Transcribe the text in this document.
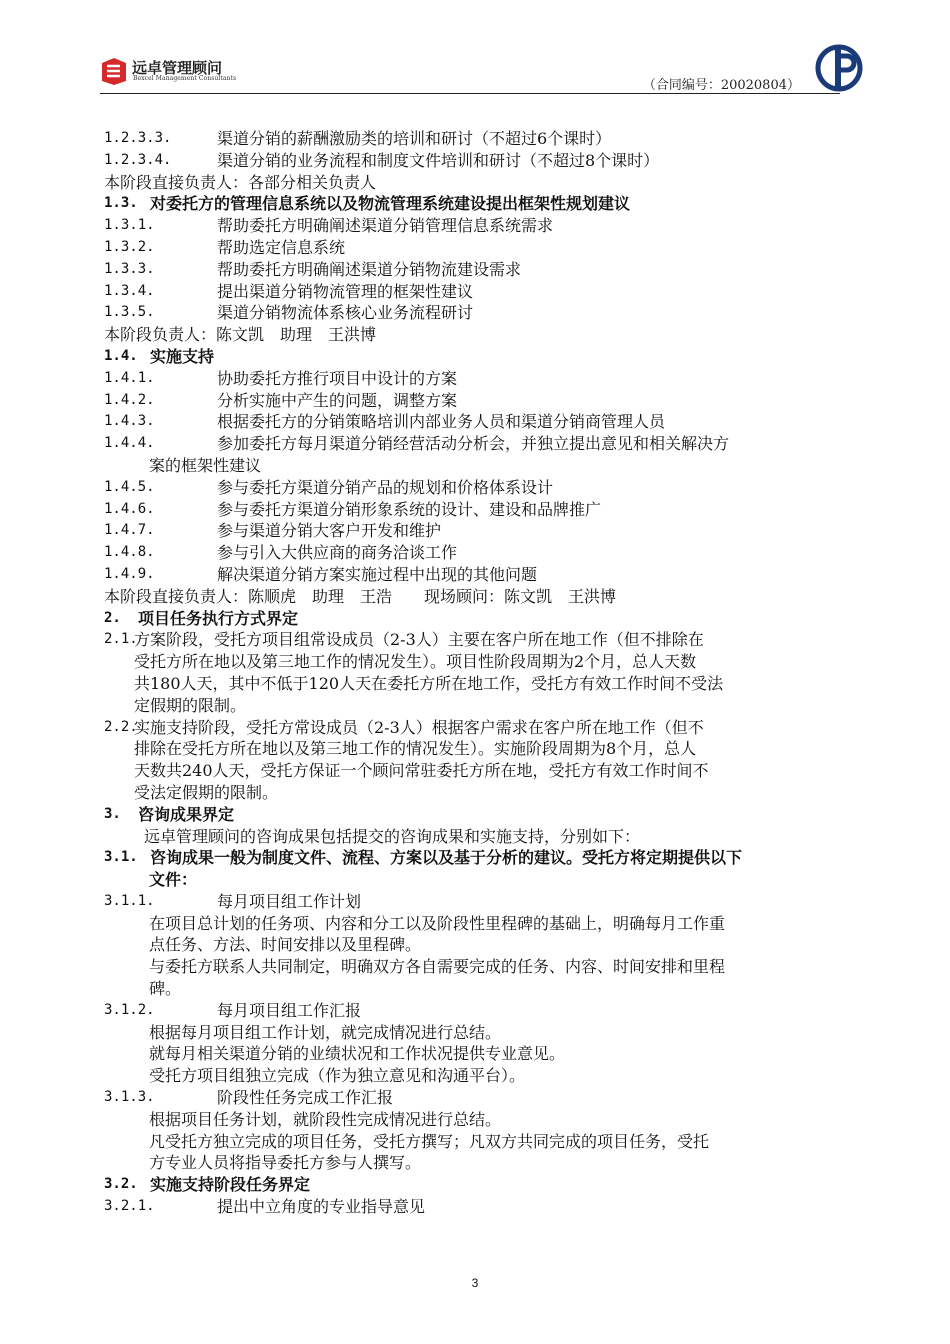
远卓管理顾问
Bexcel Management Consultants	（合同编号：20020804）
1.2.3.3.	渠道分销的薪酬激励类的培训和研讨（不超过6个课时）
1.2.3.4.	渠道分销的业务流程和制度文件培训和研讨（不超过8个课时）
本阶段直接负责人：各部分相关负责人
1.3. 对委托方的管理信息系统以及物流管理系统建设提出框架性规划建议
1.3.1.	帮助委托方明确阐述渠道分销管理信息系统需求
1.3.2.	帮助选定信息系统
1.3.3.	帮助委托方明确阐述渠道分销物流建设需求
1.3.4.	提出渠道分销物流管理的框架性建议
1.3.5.	渠道分销物流体系核心业务流程研讨
本阶段负责人：陈文凯　助理　王洪博
1.4. 实施支持
1.4.1.	协助委托方推行项目中设计的方案
1.4.2.	分析实施中产生的问题，调整方案
1.4.3.	根据委托方的分销策略培训内部业务人员和渠道分销商管理人员
1.4.4.	参加委托方每月渠道分销经营活动分析会，并独立提出意见和相关解决方
案的框架性建议
1.4.5.	参与委托方渠道分销产品的规划和价格体系设计
1.4.6.	参与委托方渠道分销形象系统的设计、建设和品牌推广
1.4.7.	参与渠道分销大客户开发和维护
1.4.8.	参与引入大供应商的商务洽谈工作
1.4.9.	解决渠道分销方案实施过程中出现的其他问题
本阶段直接负责人：陈顺虎　助理　王浩　　现场顾问：陈文凯　王洪博
2. 项目任务执行方式界定
2.1.
方案阶段，受托方项目组常设成员（2-3人）主要在客户所在地工作（但不排除在
受托方所在地以及第三地工作的情况发生）。项目性阶段周期为2个月，总人天数
共180人天，其中不低于120人天在委托方所在地工作，受托方有效工作时间不受法
定假期的限制。
2.2.
实施支持阶段，受托方常设成员（2-3人）根据客户需求在客户所在地工作（但不
排除在受托方所在地以及第三地工作的情况发生）。实施阶段周期为8个月，总人
天数共240人天，受托方保证一个顾问常驻委托方所在地，受托方有效工作时间不
受法定假期的限制。
3. 咨询成果界定
远卓管理顾问的咨询成果包括提交的咨询成果和实施支持，分别如下：
3.1. 咨询成果一般为制度文件、流程、方案以及基于分析的建议。受托方将定期提供以下
文件：
3.1.1.	每月项目组工作计划
在项目总计划的任务项、内容和分工以及阶段性里程碑的基础上，明确每月工作重
点任务、方法、时间安排以及里程碑。
与委托方联系人共同制定，明确双方各自需要完成的任务、内容、时间安排和里程
碑。
3.1.2.	每月项目组工作汇报
根据每月项目组工作计划，就完成情况进行总结。
就每月相关渠道分销的业绩状况和工作状况提供专业意见。
受托方项目组独立完成（作为独立意见和沟通平台）。
3.1.3.	阶段性任务完成工作汇报
根据项目任务计划，就阶段性完成情况进行总结。
凡受托方独立完成的项目任务，受托方撰写；凡双方共同完成的项目任务，受托
方专业人员将指导委托方参与人撰写。
3.2. 实施支持阶段任务界定
3.2.1.	提出中立角度的专业指导意见
3
